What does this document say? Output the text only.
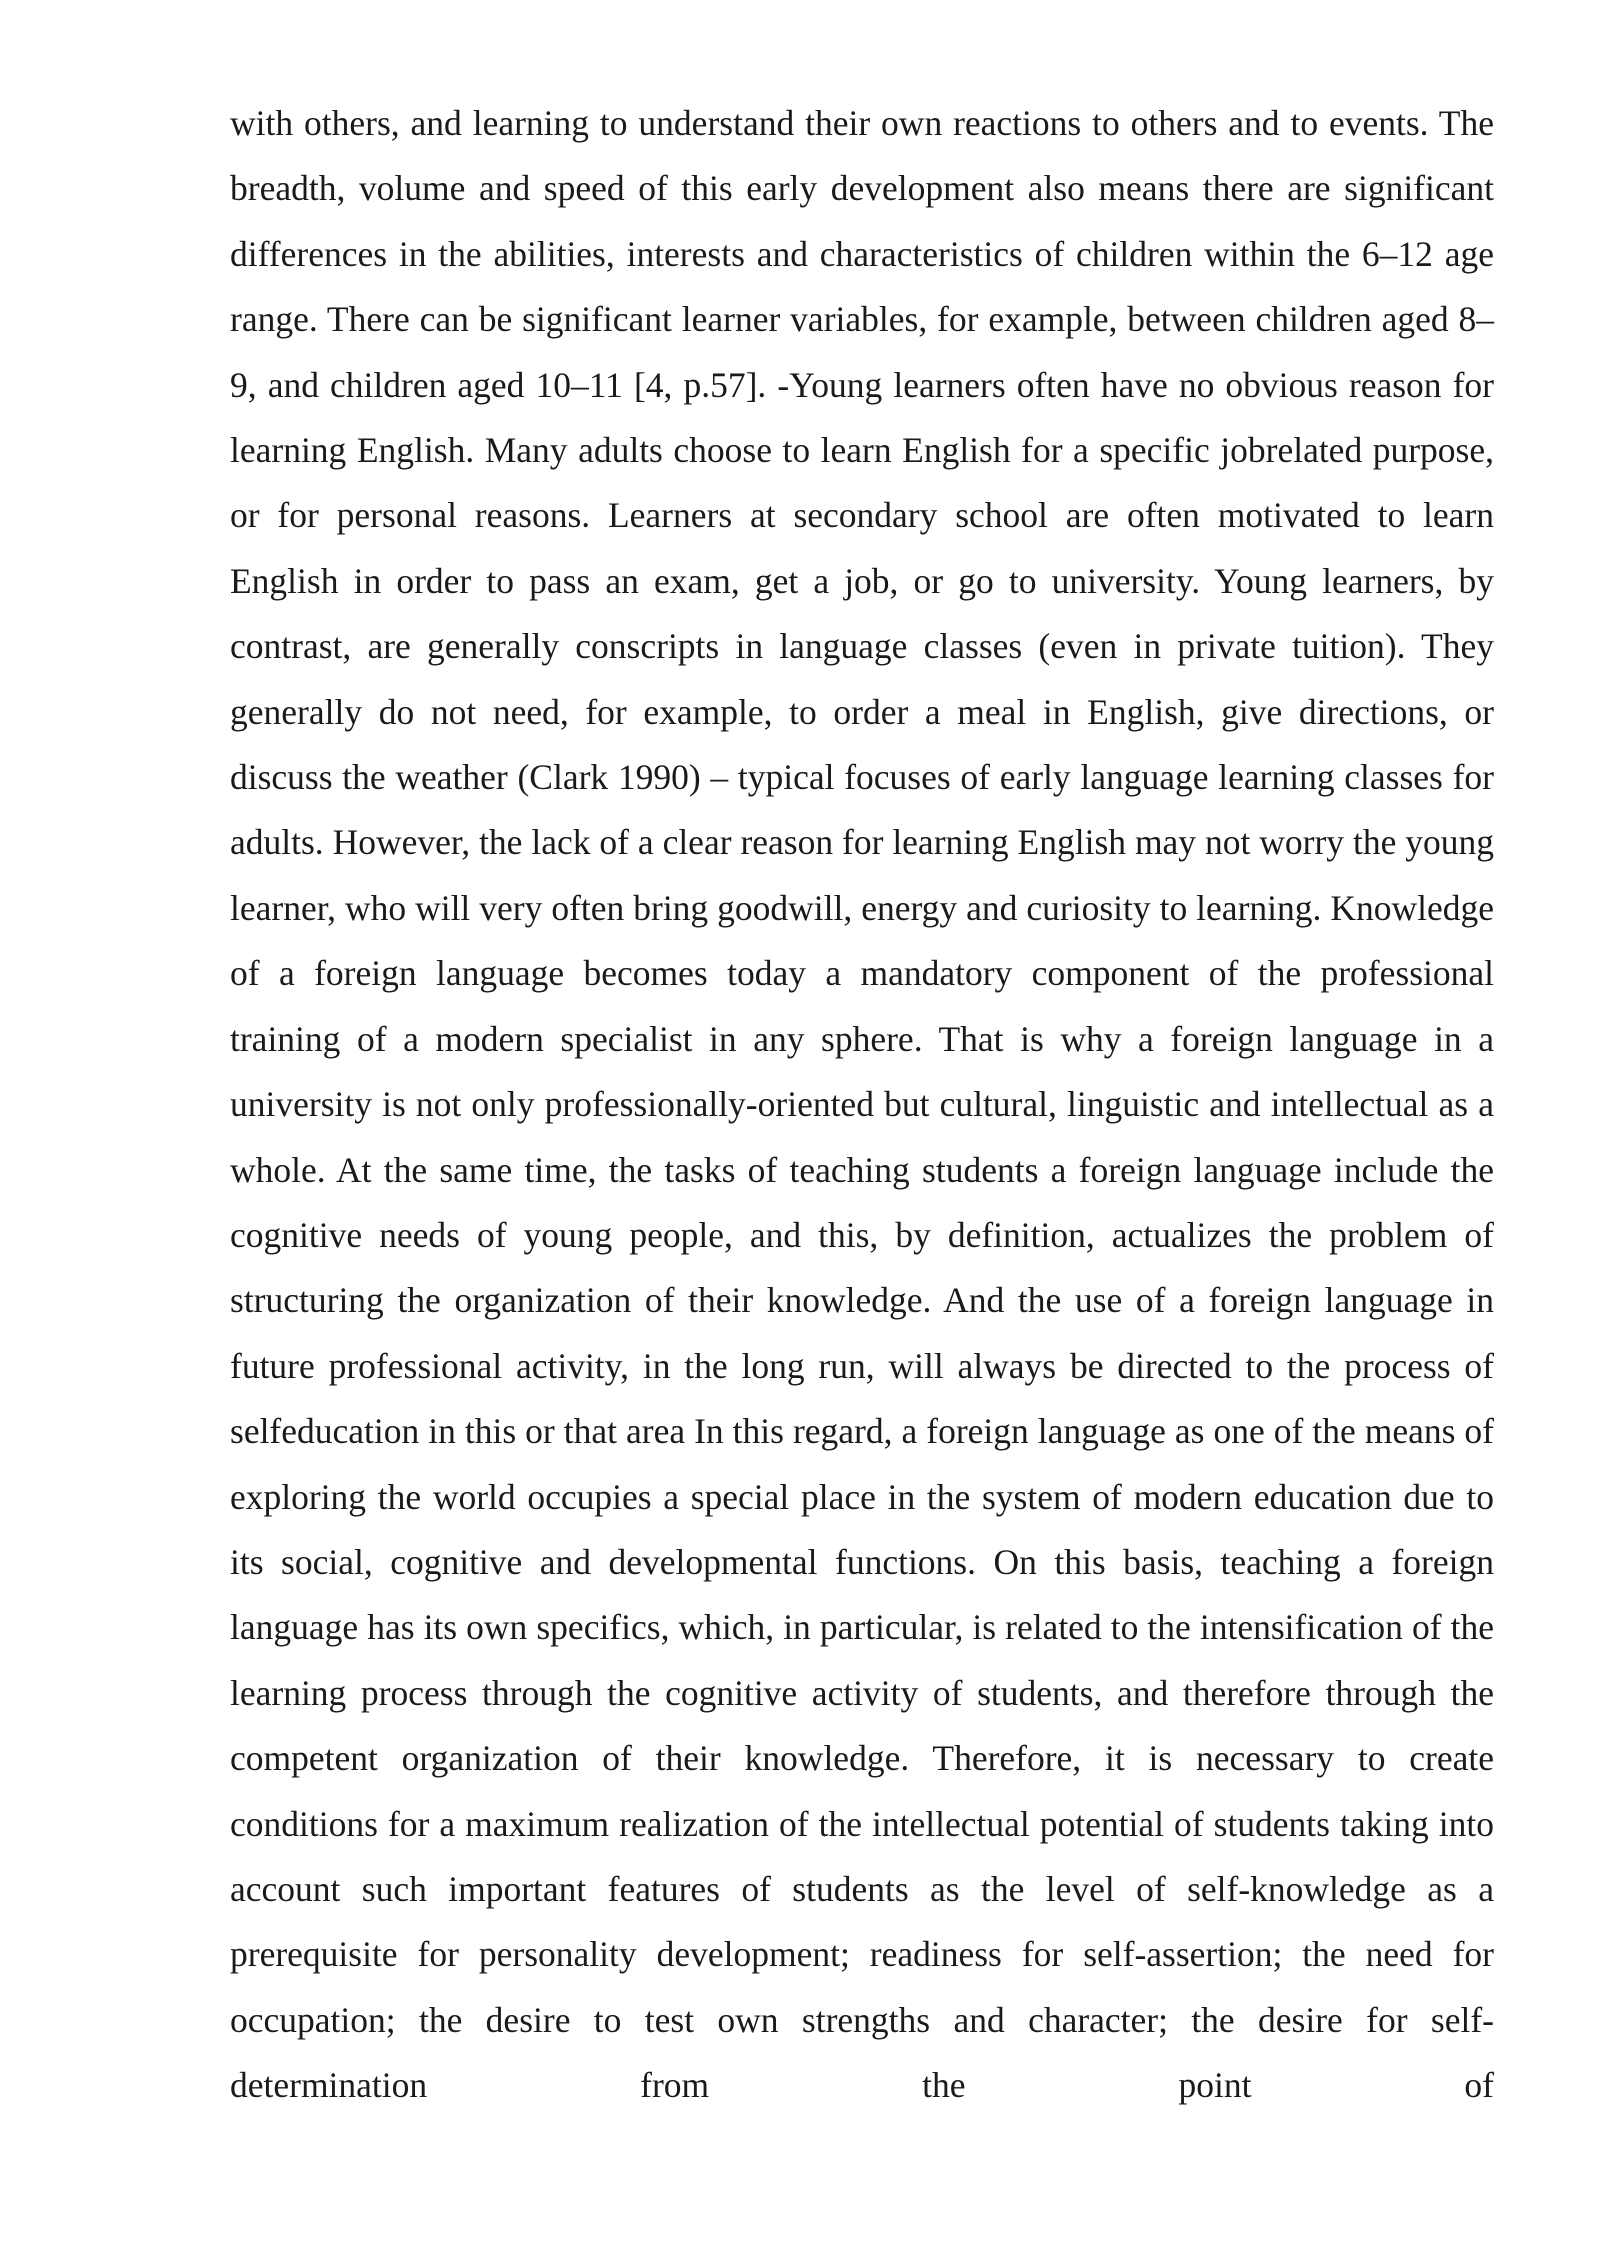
with others, and learning to understand their own reactions to others and to events. The breadth, volume and speed of this early development also means there are significant differences in the abilities, interests and characteristics of children within the 6–12 age range. There can be significant learner variables, for example, between children aged 8–9, and children aged 10–11 [4, p.57]. -Young learners often have no obvious reason for learning English. Many adults choose to learn English for a specific jobrelated purpose, or for personal reasons. Learners at secondary school are often motivated to learn English in order to pass an exam, get a job, or go to university. Young learners, by contrast, are generally conscripts in language classes (even in private tuition). They generally do not need, for example, to order a meal in English, give directions, or discuss the weather (Clark 1990) – typical focuses of early language learning classes for adults. However, the lack of a clear reason for learning English may not worry the young learner, who will very often bring goodwill, energy and curiosity to learning. Knowledge of a foreign language becomes today a mandatory component of the professional training of a modern specialist in any sphere. That is why a foreign language in a university is not only professionally-oriented but cultural, linguistic and intellectual as a whole. At the same time, the tasks of teaching students a foreign language include the cognitive needs of young people, and this, by definition, actualizes the problem of structuring the organization of their knowledge. And the use of a foreign language in future professional activity, in the long run, will always be directed to the process of selfeducation in this or that area In this regard, a foreign language as one of the means of exploring the world occupies a special place in the system of modern education due to its social, cognitive and developmental functions. On this basis, teaching a foreign language has its own specifics, which, in particular, is related to the intensification of the learning process through the cognitive activity of students, and therefore through the competent organization of their knowledge. Therefore, it is necessary to create conditions for a maximum realization of the intellectual potential of students taking into account such important features of students as the level of self-knowledge as a prerequisite for personality development; readiness for self-assertion; the need for occupation; the desire to test own strengths and character; the desire for self-determination from the point of
